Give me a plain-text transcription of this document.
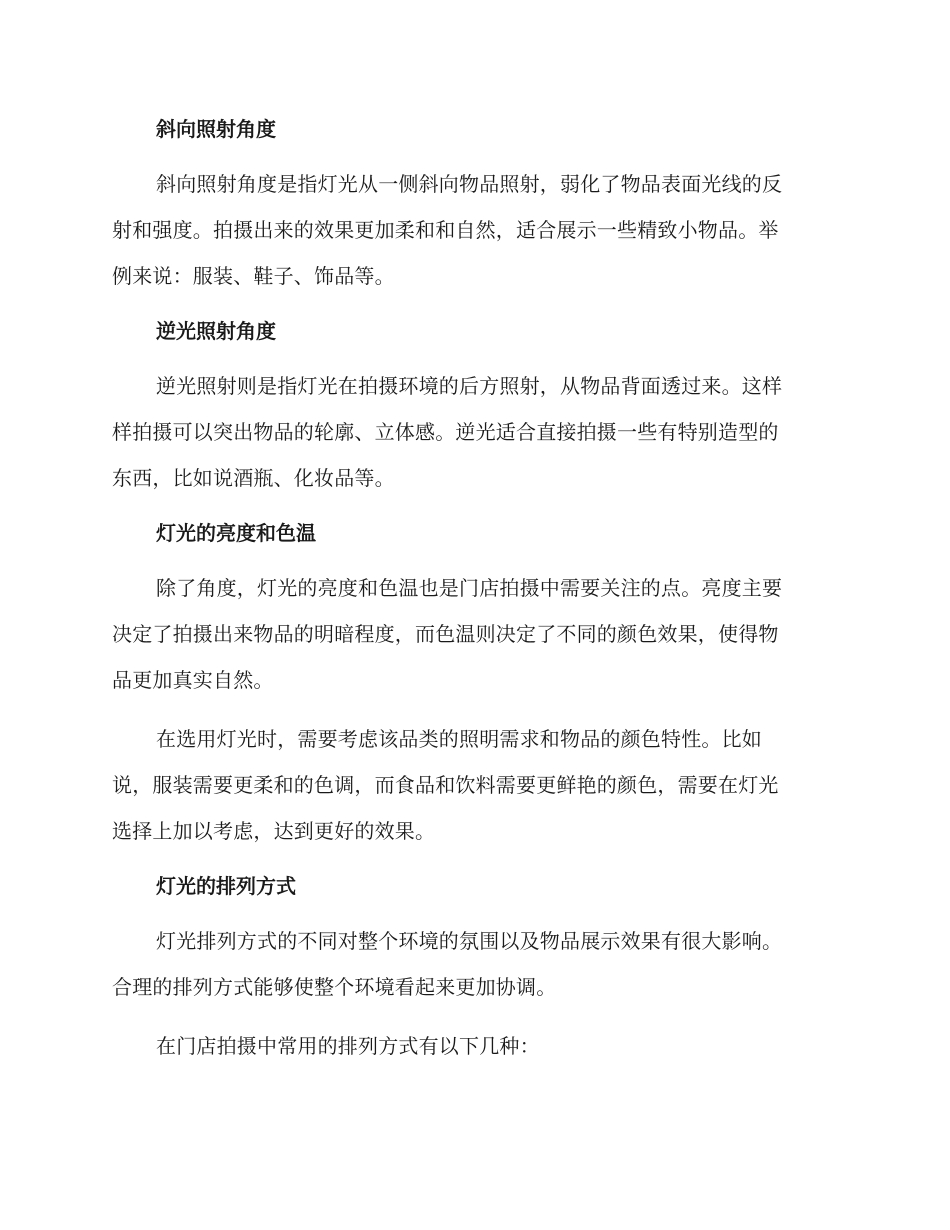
斜向照射角度

斜向照射角度是指灯光从一侧斜向物品照射，弱化了物品表面光线的反
射和强度。拍摄出来的效果更加柔和和自然，适合展示一些精致小物品。举
例来说：服装、鞋子、饰品等。

逆光照射角度

逆光照射则是指灯光在拍摄环境的后方照射，从物品背面透过来。这样
样拍摄可以突出物品的轮廓、立体感。逆光适合直接拍摄一些有特别造型的
东西，比如说酒瓶、化妆品等。

灯光的亮度和色温

除了角度，灯光的亮度和色温也是门店拍摄中需要关注的点。亮度主要
决定了拍摄出来物品的明暗程度，而色温则决定了不同的颜色效果，使得物
品更加真实自然。

在选用灯光时，需要考虑该品类的照明需求和物品的颜色特性。比如
说，服装需要更柔和的色调，而食品和饮料需要更鲜艳的颜色，需要在灯光
选择上加以考虑，达到更好的效果。

灯光的排列方式

灯光排列方式的不同对整个环境的氛围以及物品展示效果有很大影响。
合理的排列方式能够使整个环境看起来更加协调。

在门店拍摄中常用的排列方式有以下几种：
